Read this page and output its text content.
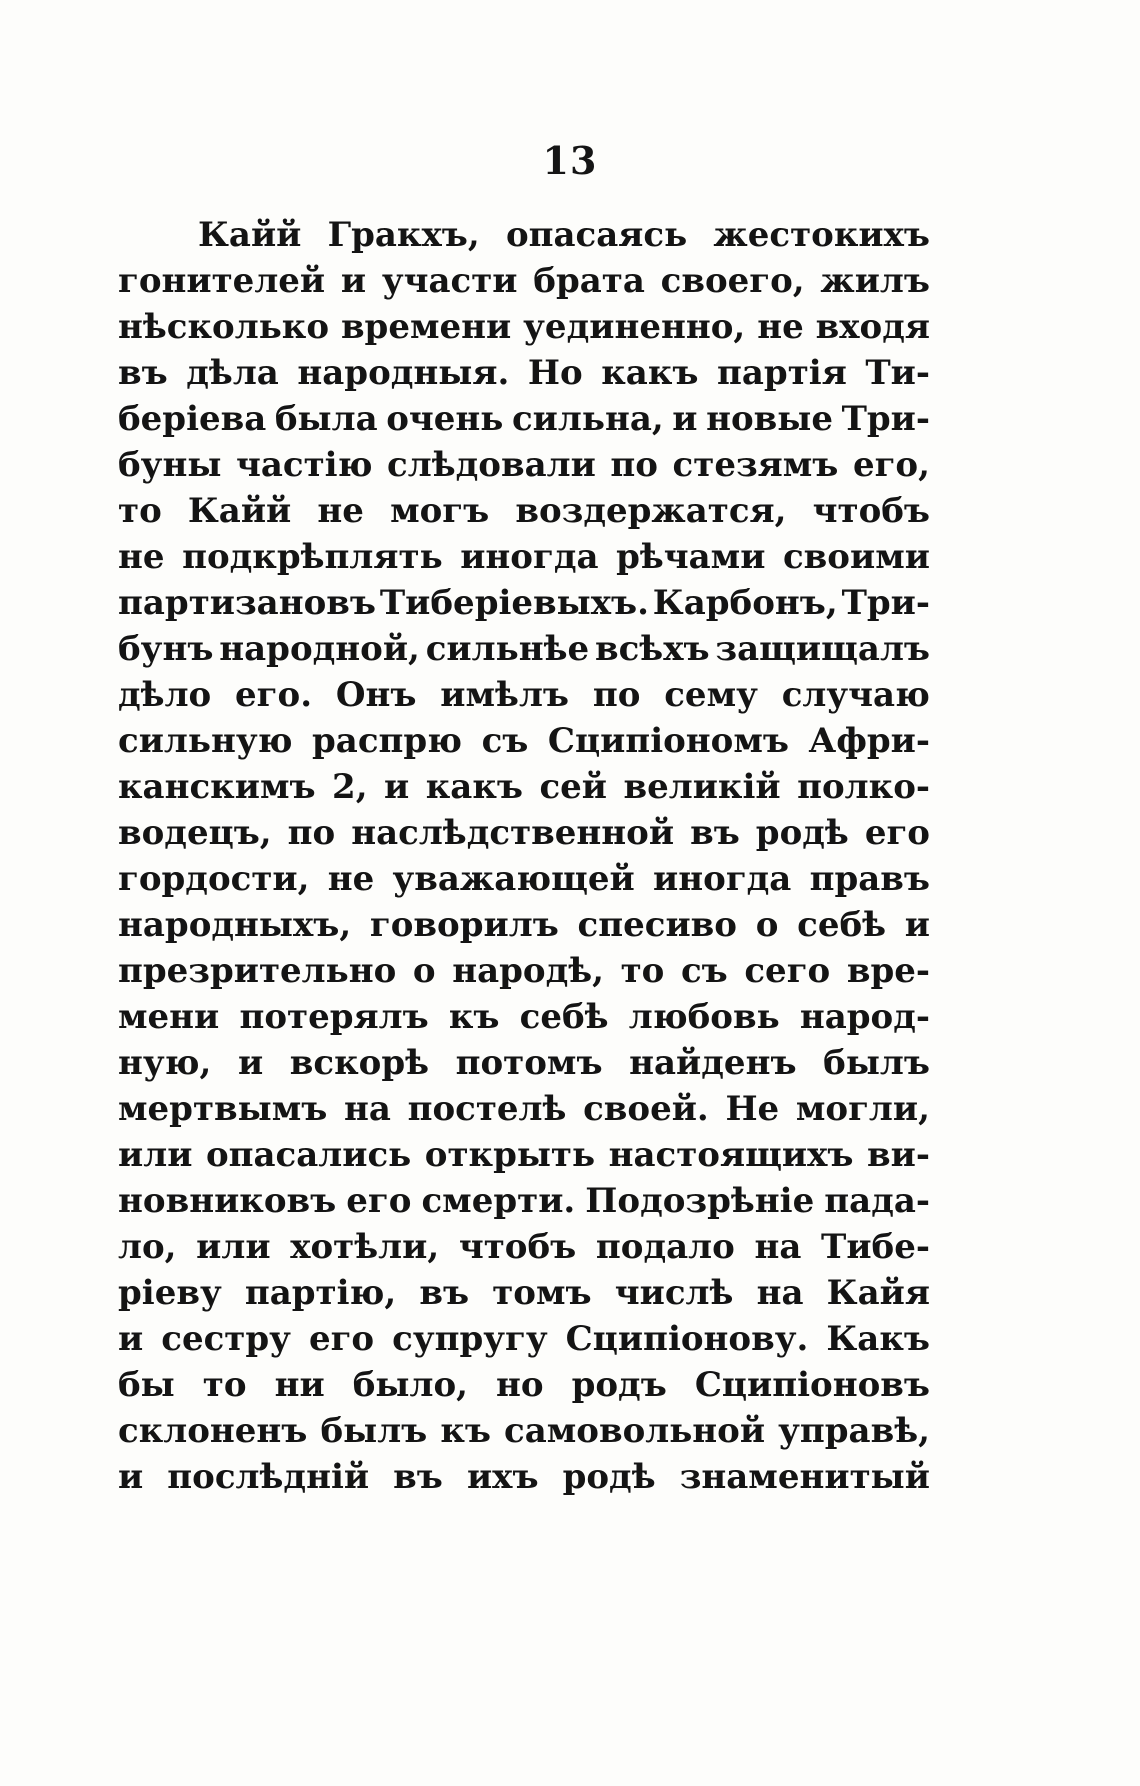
13
Кайй Гракхъ, опасаясь жестокихъ
гонителей и участи брата своего, жилъ
нѣсколько времени уединенно, не входя
въ дѣла народныя. Но какъ партія Ти-
беріева была очень сильна, и новые Три-
буны частію слѣдовали по стезямъ его,
то Кайй не могъ воздержатся, чтобъ
не подкрѣплять иногда рѣчами своими
партизановъ Тиберіевыхъ. Карбонъ, Три-
бунъ народной, сильнѣе всѣхъ защищалъ
дѣло его. Онъ имѣлъ по сему случаю
сильную распрю съ Сципіономъ Афри-
канскимъ 2, и какъ сей великій полко-
водецъ, по наслѣдственной въ родѣ его
гордости, не уважающей иногда правъ
народныхъ, говорилъ спесиво о себѣ и
презрительно о народѣ, то съ сего вре-
мени потерялъ къ себѣ любовь народ-
ную, и вскорѣ потомъ найденъ былъ
мертвымъ на постелѣ своей. Не могли,
или опасались открыть настоящихъ ви-
новниковъ его смерти. Подозрѣніе пада-
ло, или хотѣли, чтобъ подало на Тибе-
ріеву партію, въ томъ числѣ на Кайя
и сестру его супругу Сципіонову. Какъ
бы то ни было, но родъ Сципіоновъ
склоненъ былъ къ самовольной управѣ,
и послѣдній въ ихъ родѣ знаменитый
